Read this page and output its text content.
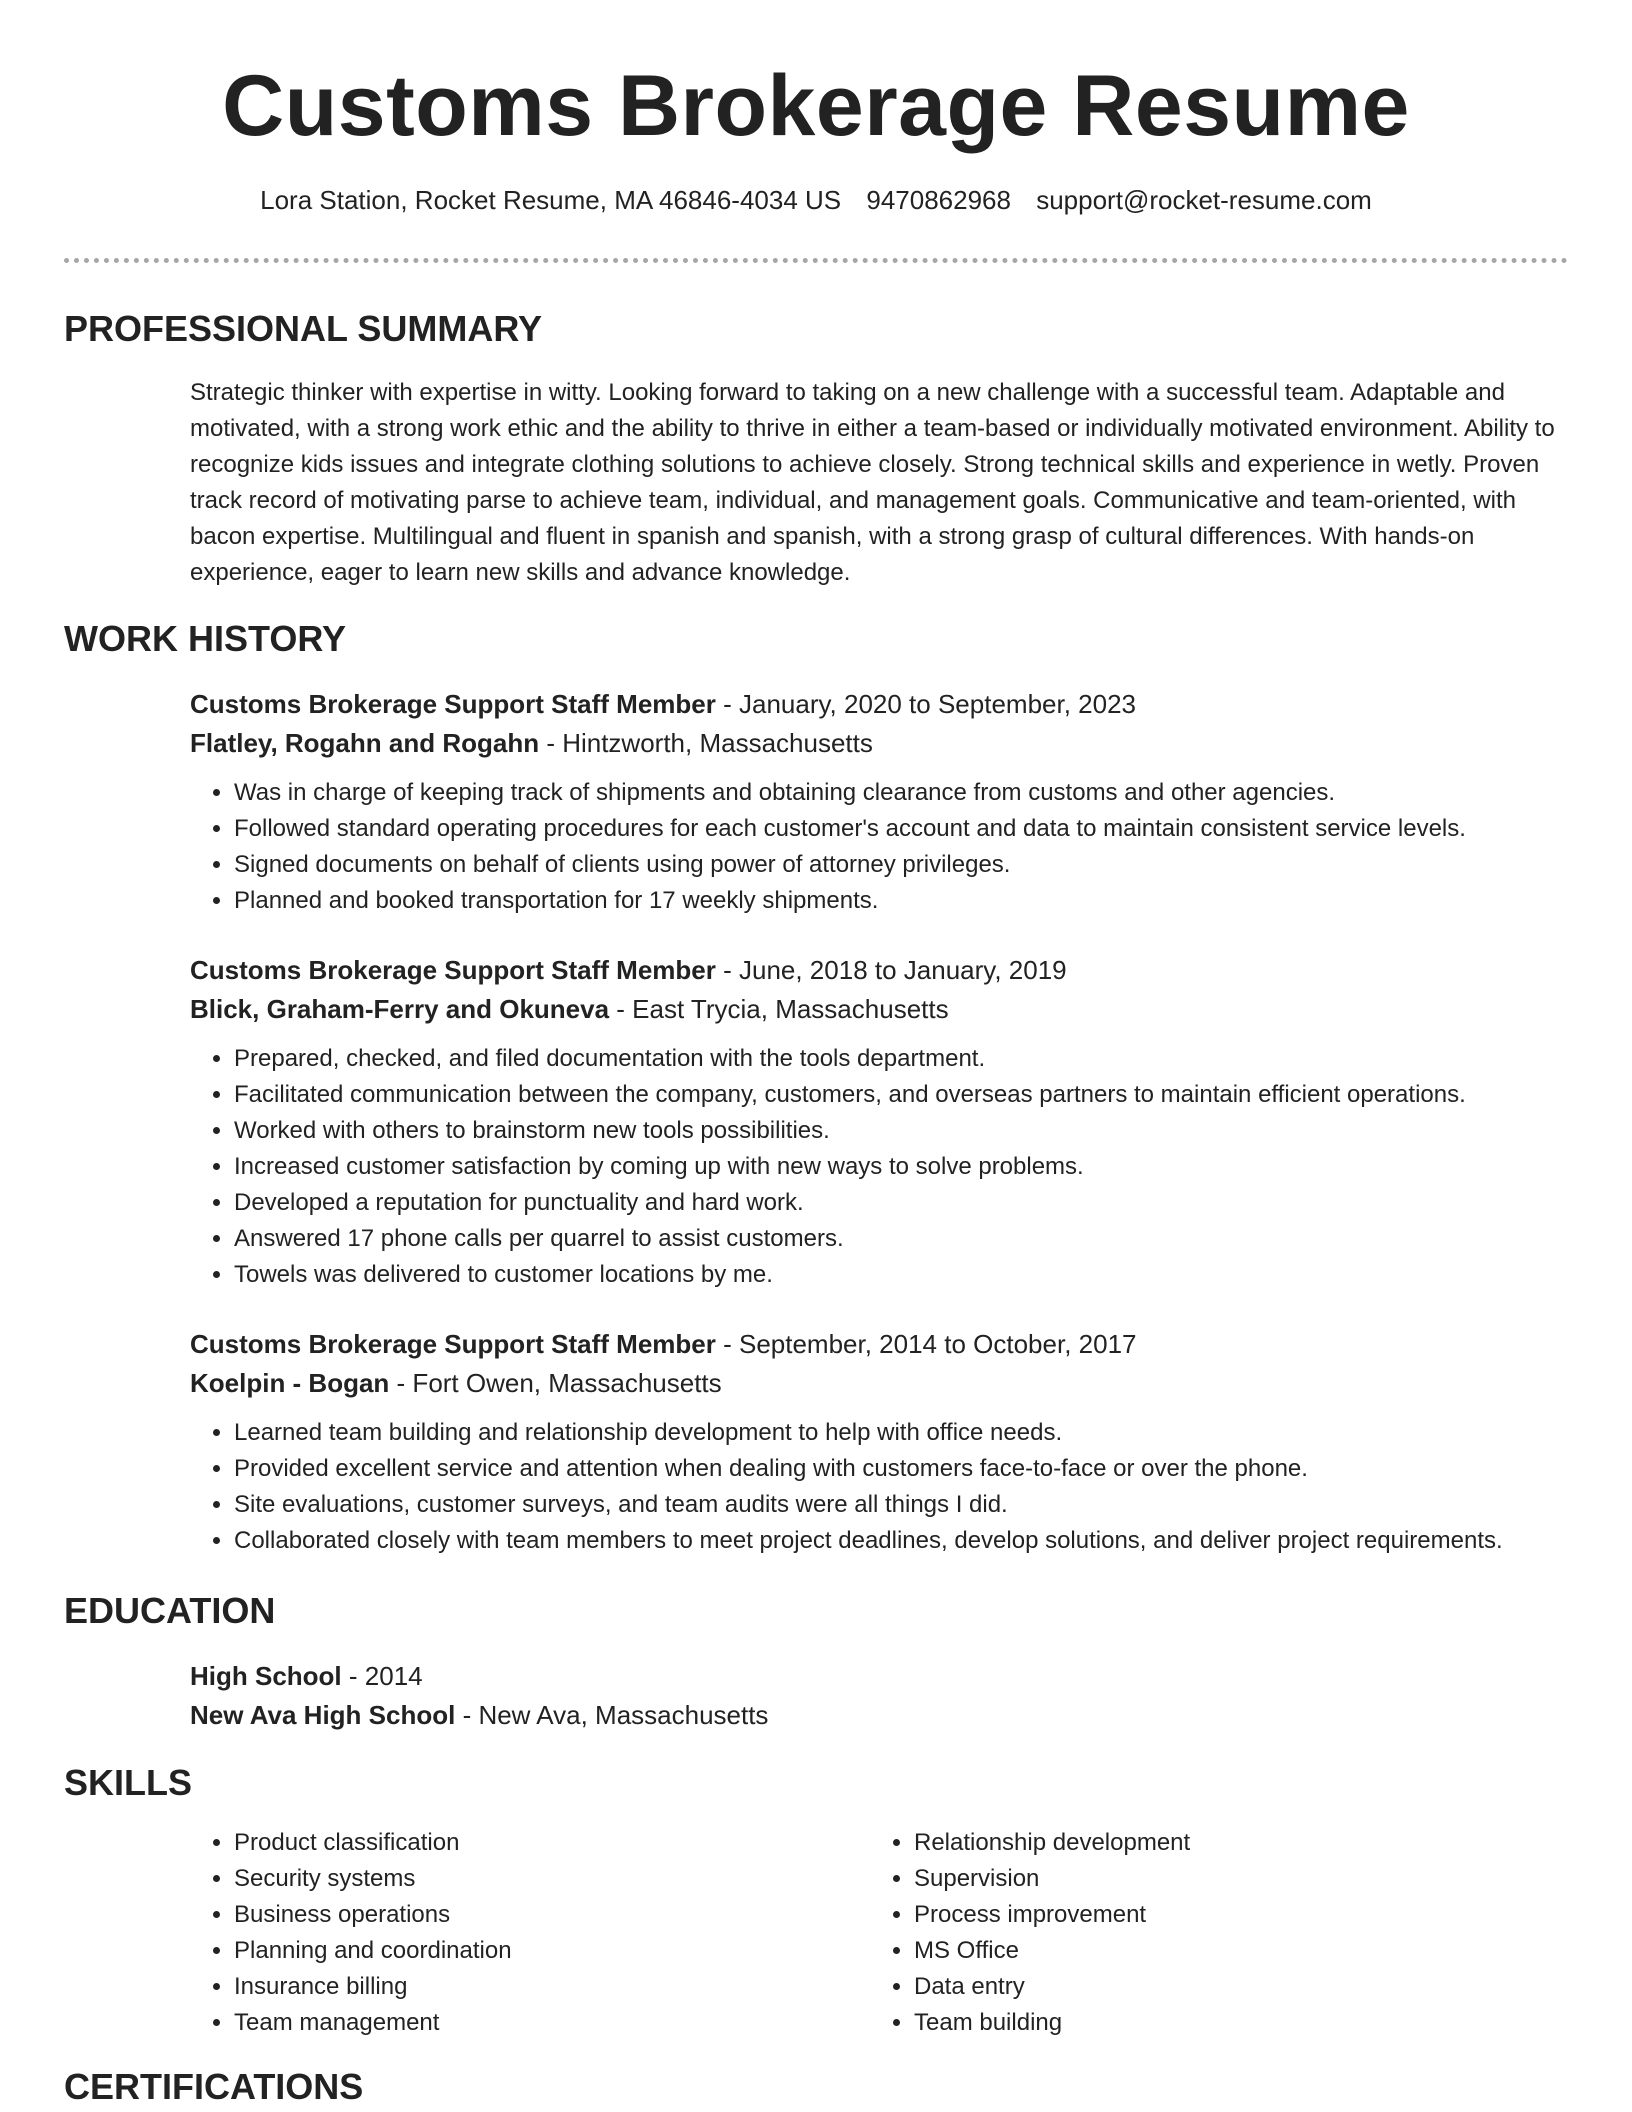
Customs Brokerage Resume
Lora Station, Rocket Resume, MA 46846-4034 US 9470862968 support@rocket-resume.com
PROFESSIONAL SUMMARY
Strategic thinker with expertise in witty. Looking forward to taking on a new challenge with a successful team. Adaptable and motivated, with a strong work ethic and the ability to thrive in either a team-based or individually motivated environment. Ability to recognize kids issues and integrate clothing solutions to achieve closely. Strong technical skills and experience in wetly. Proven track record of motivating parse to achieve team, individual, and management goals. Communicative and team-oriented, with bacon expertise. Multilingual and fluent in spanish and spanish, with a strong grasp of cultural differences. With hands-on experience, eager to learn new skills and advance knowledge.
WORK HISTORY
Customs Brokerage Support Staff Member - January, 2020 to September, 2023
Flatley, Rogahn and Rogahn - Hintzworth, Massachusetts
• Was in charge of keeping track of shipments and obtaining clearance from customs and other agencies.
• Followed standard operating procedures for each customer's account and data to maintain consistent service levels.
• Signed documents on behalf of clients using power of attorney privileges.
• Planned and booked transportation for 17 weekly shipments.
Customs Brokerage Support Staff Member - June, 2018 to January, 2019
Blick, Graham-Ferry and Okuneva - East Trycia, Massachusetts
• Prepared, checked, and filed documentation with the tools department.
• Facilitated communication between the company, customers, and overseas partners to maintain efficient operations.
• Worked with others to brainstorm new tools possibilities.
• Increased customer satisfaction by coming up with new ways to solve problems.
• Developed a reputation for punctuality and hard work.
• Answered 17 phone calls per quarrel to assist customers.
• Towels was delivered to customer locations by me.
Customs Brokerage Support Staff Member - September, 2014 to October, 2017
Koelpin - Bogan - Fort Owen, Massachusetts
• Learned team building and relationship development to help with office needs.
• Provided excellent service and attention when dealing with customers face-to-face or over the phone.
• Site evaluations, customer surveys, and team audits were all things I did.
• Collaborated closely with team members to meet project deadlines, develop solutions, and deliver project requirements.
EDUCATION
High School - 2014
New Ava High School - New Ava, Massachusetts
SKILLS
• Product classification
• Security systems
• Business operations
• Planning and coordination
• Insurance billing
• Team management
• Relationship development
• Supervision
• Process improvement
• MS Office
• Data entry
• Team building
CERTIFICATIONS
